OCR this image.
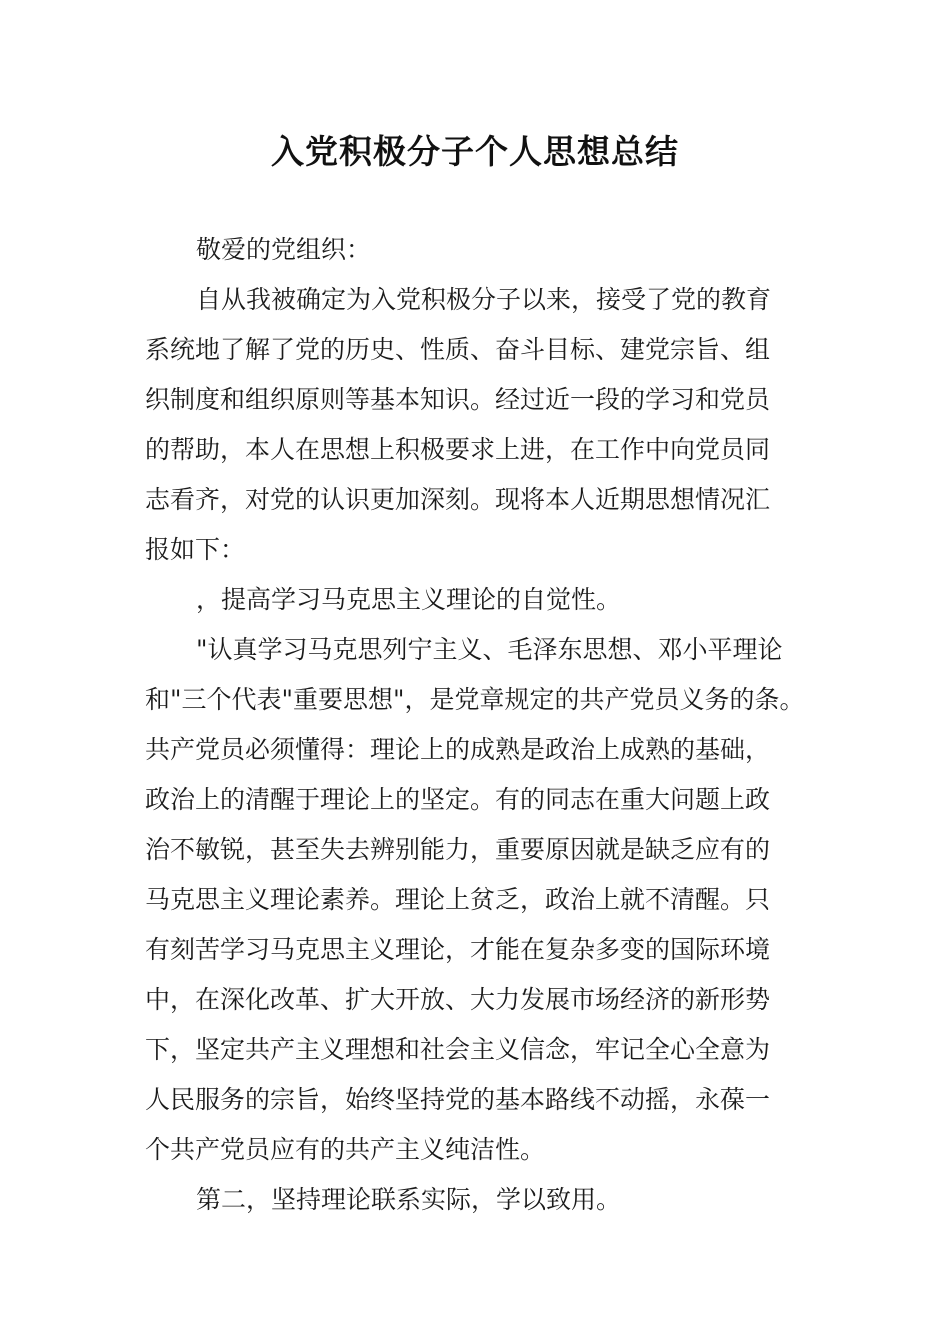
入党积极分子个人思想总结
敬爱的党组织：
自从我被确定为入党积极分子以来，接受了党的教育
系统地了解了党的历史、性质、奋斗目标、建党宗旨、组
织制度和组织原则等基本知识。经过近一段的学习和党员
的帮助，本人在思想上积极要求上进，在工作中向党员同
志看齐，对党的认识更加深刻。现将本人近期思想情况汇
报如下：
，提高学习马克思主义理论的自觉性。
"认真学习马克思列宁主义、毛泽东思想、邓小平理论
和"三个代表"重要思想"，是党章规定的共产党员义务的条。
共产党员必须懂得：理论上的成熟是政治上成熟的基础，
政治上的清醒于理论上的坚定。有的同志在重大问题上政
治不敏锐，甚至失去辨别能力，重要原因就是缺乏应有的
马克思主义理论素养。理论上贫乏，政治上就不清醒。只
有刻苦学习马克思主义理论，才能在复杂多变的国际环境
中，在深化改革、扩大开放、大力发展市场经济的新形势
下，坚定共产主义理想和社会主义信念，牢记全心全意为
人民服务的宗旨，始终坚持党的基本路线不动摇，永葆一
个共产党员应有的共产主义纯洁性。
第二，坚持理论联系实际，学以致用。
